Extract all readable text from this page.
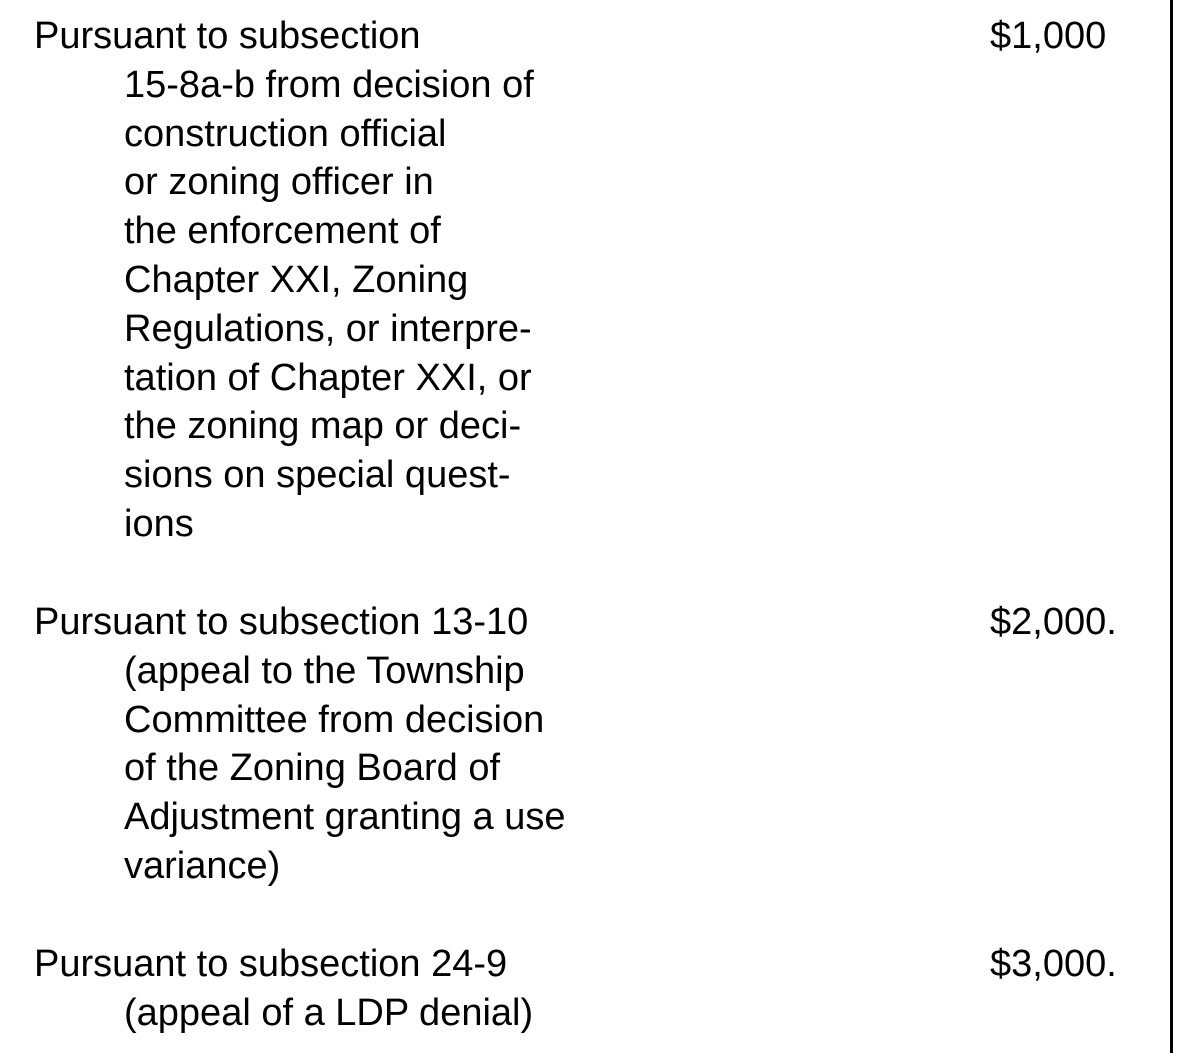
Pursuant to subsection
15-8a-b from decision of
construction official
or zoning officer in
the enforcement of
Chapter XXI, Zoning
Regulations, or interpre-
tation of Chapter XXI, or
the zoning map or deci-
sions on special quest-
ions
$1,000
Pursuant to subsection 13-10
(appeal to the Township
Committee from decision
of the Zoning Board of
Adjustment granting a use
variance)
$2,000.
Pursuant to subsection 24-9
(appeal of a LDP denial)
$3,000.
